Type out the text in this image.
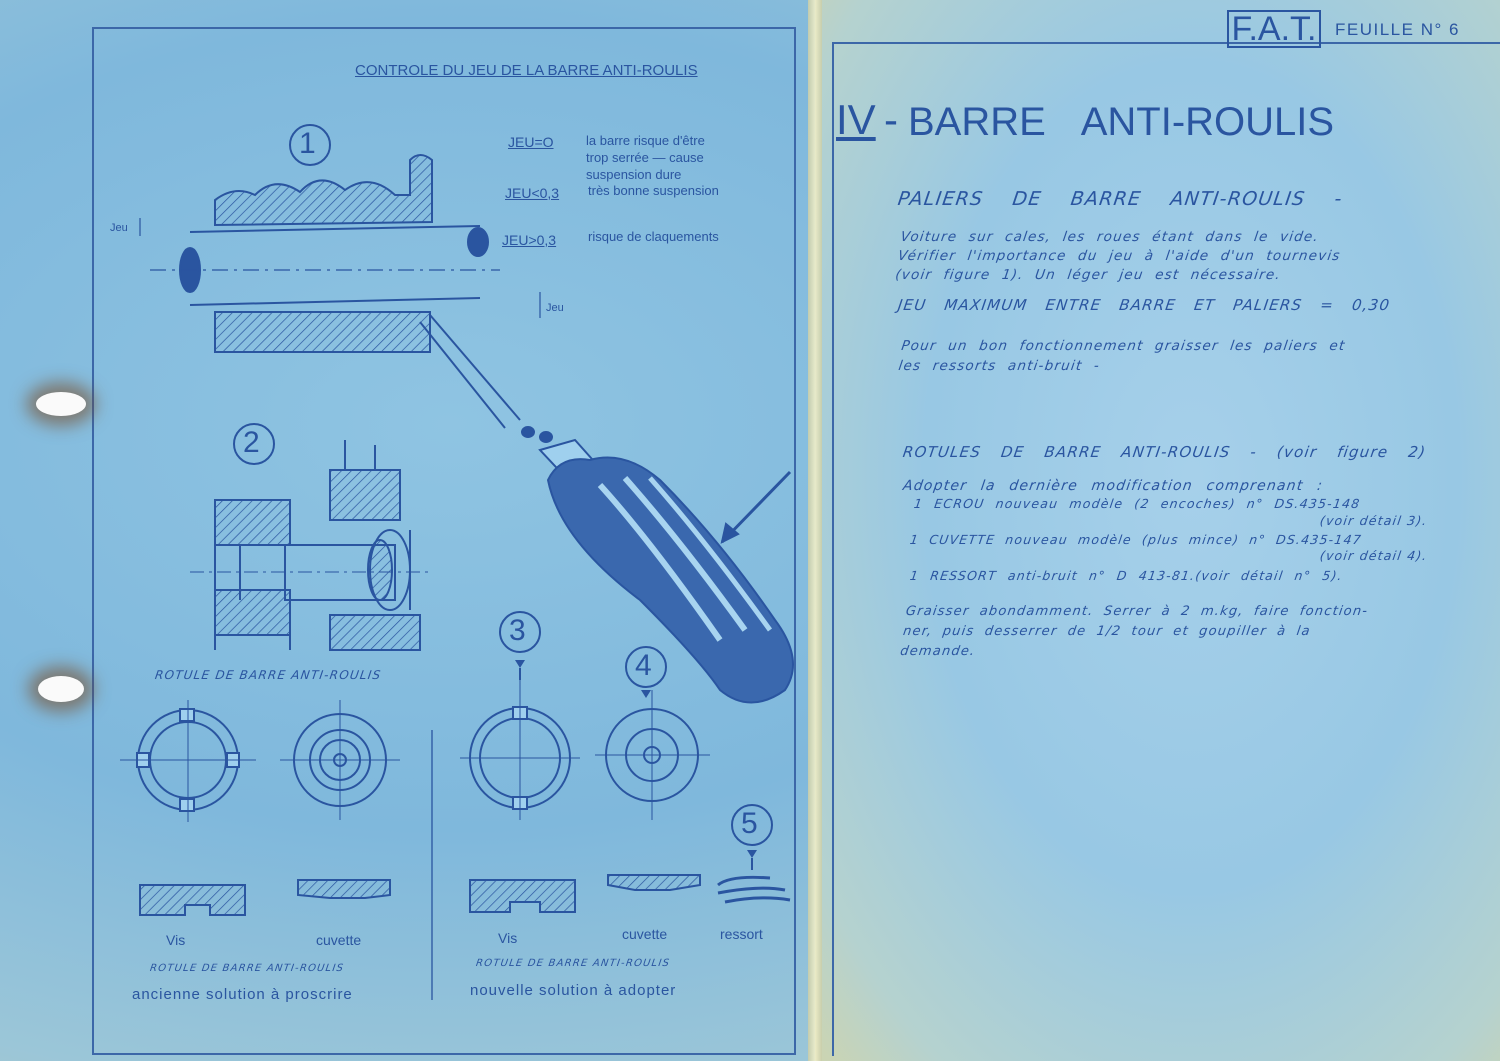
1
2
3
4
5
CONTROLE DU JEU DE LA BARRE ANTI-ROULIS
Jeu
Jeu
JEU=O la barre risque d'être
trop serrée — cause
suspension dure
JEU<0,3 très bonne suspension
JEU>0,3 risque de claquements
ROTULE DE BARRE ANTI-ROULIS
Vis	cuvette	Vis	cuvette	ressort
ROTULE DE BARRE ANTI-ROULIS	ROTULE DE BARRE ANTI-ROULIS
ancienne solution à proscrire	nouvelle solution à adopter
F.A.T. FEUILLE N° 6
IV - BARRE ANTI-ROULIS
PALIERS DE BARRE ANTI-ROULIS -
Voiture sur cales, les roues étant dans le vide.
Vérifier l'importance du jeu à l'aide d'un tournevis
(voir figure 1). Un léger jeu est nécessaire.
JEU MAXIMUM ENTRE BARRE ET PALIERS = 0,30
Pour un bon fonctionnement graisser les paliers et
les ressorts anti-bruit -
ROTULES DE BARRE ANTI-ROULIS - (voir figure 2)
Adopter la dernière modification comprenant :
1 ECROU nouveau modèle (2 encoches) n° DS.435-148
(voir détail 3).
1 CUVETTE nouveau modèle (plus mince) n° DS.435-147
(voir détail 4).
1 RESSORT anti-bruit n° D 413-81.(voir détail n° 5).
Graisser abondamment. Serrer à 2 m.kg, faire fonction-
ner, puis desserrer de 1/2 tour et goupiller à la
demande.
